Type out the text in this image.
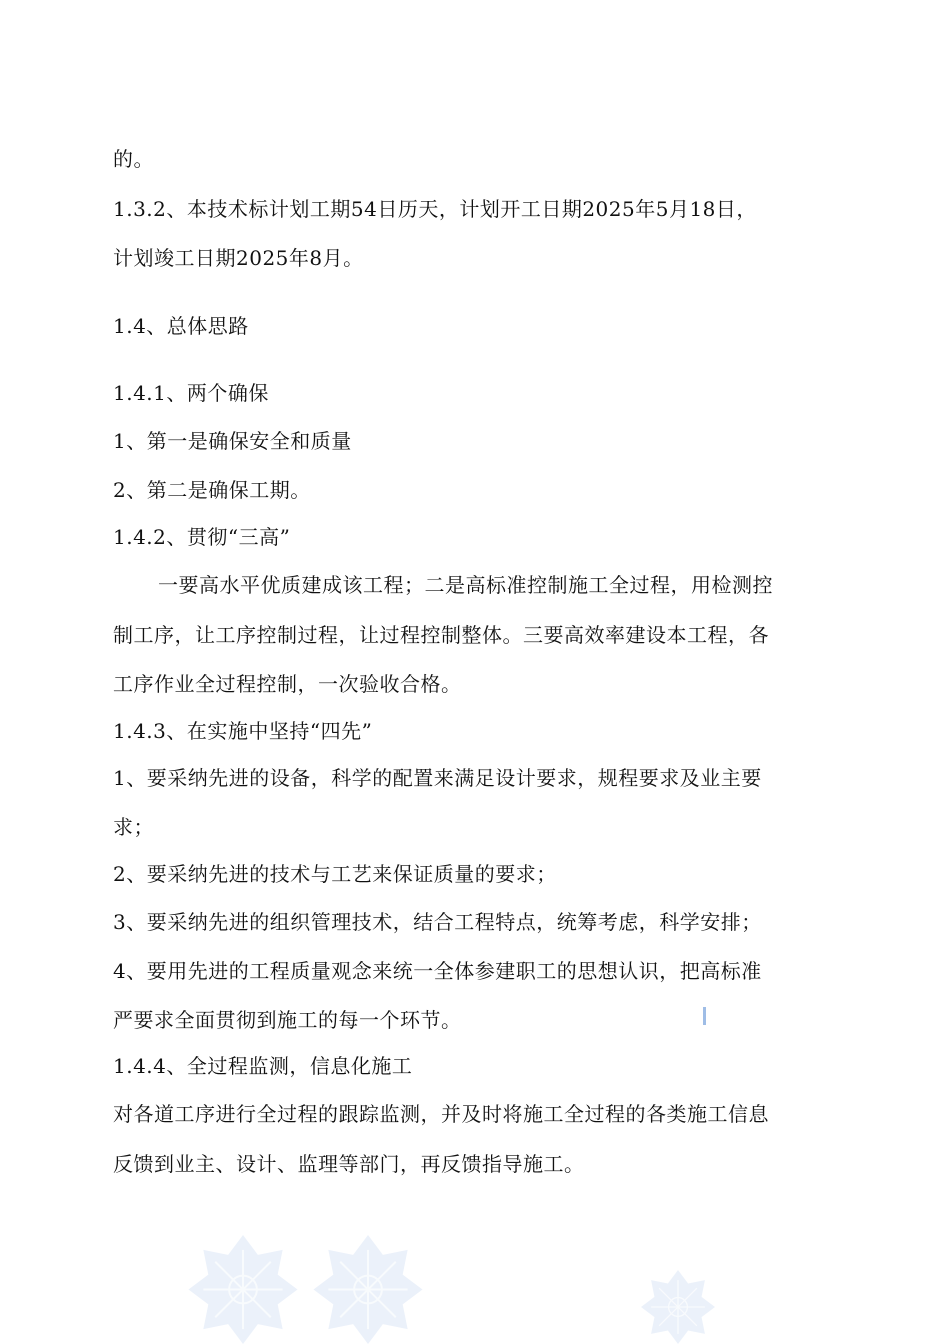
的。
1.3.2、本技术标计划工期54日历天，计划开工日期2025年5月18日，
计划竣工日期2025年8月。
1.4、总体思路
1.4.1、两个确保
1、第一是确保安全和质量
2、第二是确保工期。
1.4.2、贯彻“三高”
一要高水平优质建成该工程；二是高标准控制施工全过程，用检测控
制工序，让工序控制过程，让过程控制整体。三要高效率建设本工程，各
工序作业全过程控制，一次验收合格。
1.4.3、在实施中坚持“四先”
1、要采纳先进的设备，科学的配置来满足设计要求，规程要求及业主要
求；
2、要采纳先进的技术与工艺来保证质量的要求；
3、要采纳先进的组织管理技术，结合工程特点，统筹考虑，科学安排；
4、要用先进的工程质量观念来统一全体参建职工的思想认识，把高标准
严要求全面贯彻到施工的每一个环节。
1.4.4、全过程监测，信息化施工
对各道工序进行全过程的跟踪监测，并及时将施工全过程的各类施工信息
反馈到业主、设计、监理等部门，再反馈指导施工。
